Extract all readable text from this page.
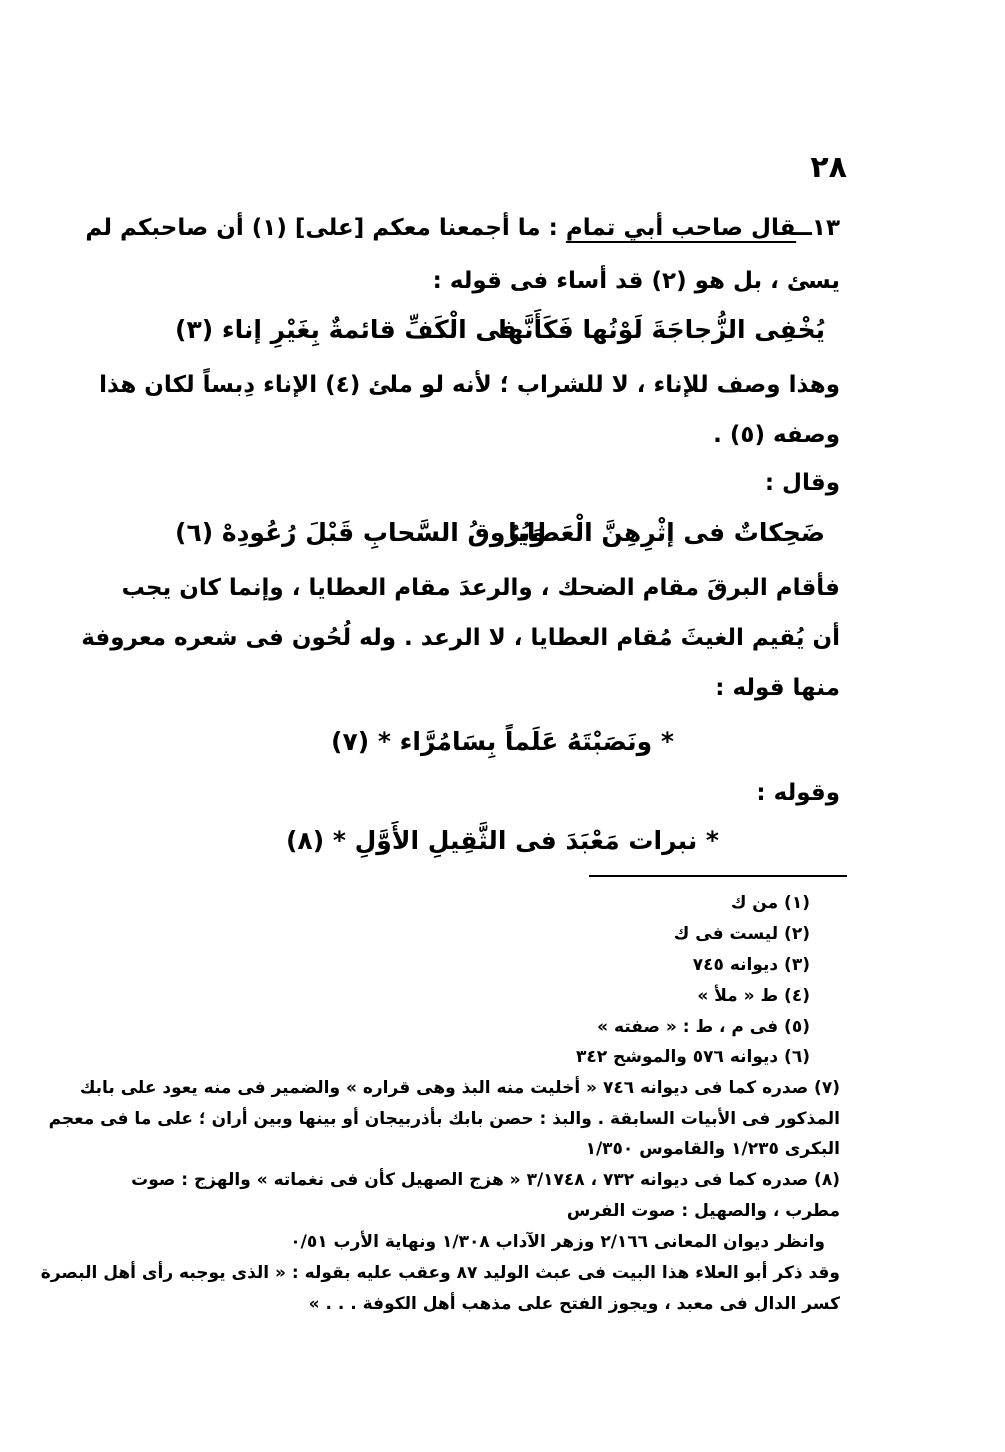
٢٨
١٣ــقال صاحب أبي تمام : ما أجمعنا معكم [على] (١) أن صاحبكم لم
يسئ ، بل هو (٢) قد أساء فى قوله :
يُخْفِى الزُّجاجَةَ لَوْنُها فَكَأَنَّها
فى الْكَفِّ قائمةٌ بِغَيْرِ إناء (٣)
وهذا وصف للإناء ، لا للشراب ؛ لأنه لو ملئ (٤) الإناء دِبساً لكان هذا
وصفه (٥) .
وقال :
ضَحِكاتٌ فى إثْرِهِنَّ الْعَطايا
وَبُرُوقُ السَّحابِ قَبْلَ رُعُودِهْ (٦)
فأقام البرقَ مقام الضحك ، والرعدَ مقام العطايا ، وإنما كان يجب
أن يُقيم الغيثَ مُقام العطايا ، لا الرعد . وله لُحُون فى شعره معروفة
منها قوله :
* ونَصَبْتَهُ عَلَماً بِسَامُرَّاء * (٧)
وقوله :
* نبرات مَعْبَدَ فى الثَّقِيلِ الأَوَّلِ * (٨)
(١) من ك
(٢) ليست فى ك
(٣) ديوانه ٧٤٥
(٤) ط « ملأ »
(٥) فى م ، ط : « صفته »
(٦) ديوانه ٥٧٦ والموشح ٣٤٢
(٧) صدره كما فى ديوانه ٧٤٦ « أخليت منه البذ وهى قراره » والضمير فى منه يعود على بابك
المذكور فى الأبيات السابقة . والبذ : حصن بابك بأذربيجان أو بينها وبين أران ؛ على ما فى معجم
البكرى ١/٢٣٥ والقاموس ١/٣٥٠
(٨) صدره كما فى ديوانه ٧٣٢ ، ٣/١٧٤٨ « هزج الصهيل كأن فى نغماته » والهزج : صوت
مطرب ، والصهيل : صوت الفرس
وانظر ديوان المعانى ٢/١٦٦ وزهر الآداب ١/٣٠٨ ونهاية الأرب ٠/٥١
وقد ذكر أبو العلاء هذا البيت فى عبث الوليد ٨٧ وعقب عليه بقوله : « الذى يوجبه رأى أهل البصرة
كسر الدال فى معبد ، ويجوز الفتح على مذهب أهل الكوفة . . . »
